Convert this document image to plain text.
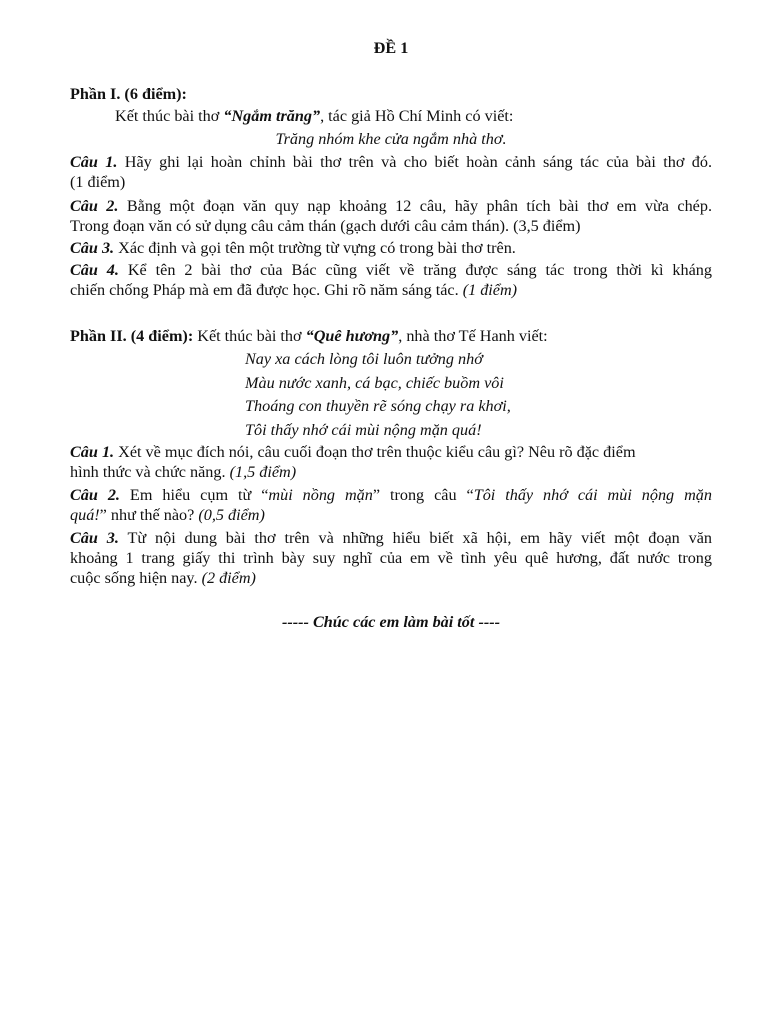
ĐỀ 1
Phần I. (6 điểm):
Kết thúc bài thơ “Ngắm trăng”, tác giả Hồ Chí Minh có viết:
Trăng nhóm khe cửa ngắm nhà thơ.
Câu 1. Hãy ghi lại hoàn chỉnh bài thơ trên và cho biết hoàn cảnh sáng tác của bài thơ đó.
(1 điểm)
Câu 2. Bằng một đoạn văn quy nạp khoảng 12 câu, hãy phân tích bài thơ em vừa chép.
Trong đoạn văn có sử dụng câu cảm thán (gạch dưới câu cảm thán). (3,5 điểm)
Câu 3. Xác định và gọi tên một trường từ vựng có trong bài thơ trên.
Câu 4. Kể tên 2 bài thơ của Bác cũng viết về trăng được sáng tác trong thời kì kháng
chiến chống Pháp mà em đã được học. Ghi rõ năm sáng tác. (1 điểm)
Phần II. (4 điểm): Kết thúc bài thơ “Quê hương”, nhà thơ Tế Hanh viết:
Nay xa cách lòng tôi luôn tưởng nhớ
Màu nước xanh, cá bạc, chiếc buồm vôi
Thoáng con thuyền rẽ sóng chạy ra khơi,
Tôi thấy nhớ cái mùi nộng mặn quá!
Câu 1. Xét về mục đích nói, câu cuối đoạn thơ trên thuộc kiểu câu gì? Nêu rõ đặc điểm
hình thức và chức năng. (1,5 điểm)
Câu 2. Em hiểu cụm từ “mùi nồng mặn” trong câu “Tôi thấy nhớ cái mùi nộng mặn
quá!” như thế nào? (0,5 điểm)
Câu 3. Từ nội dung bài thơ trên và những hiểu biết xã hội, em hãy viết một đoạn văn
khoảng 1 trang giấy thi trình bày suy nghĩ của em về tình yêu quê hương, đất nước trong
cuộc sống hiện nay. (2 điểm)
----- Chúc các em làm bài tốt ----
